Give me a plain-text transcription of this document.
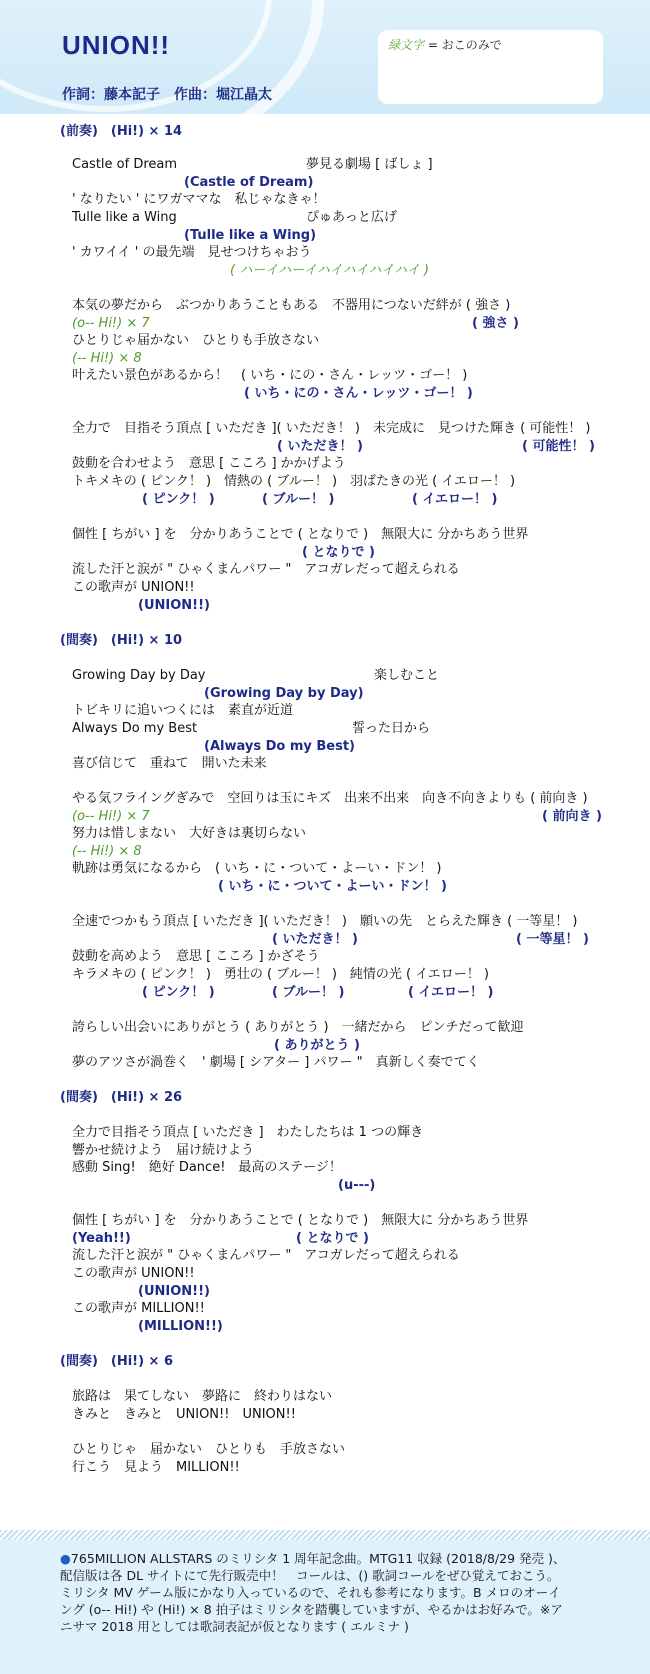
UNION!!
作詞：藤本記子　作曲：堀江晶太
緑文字 = おこのみで
(前奏)　(Hi!) × 14
Castle of Dream	夢見る劇場 [ ばしょ ]
(Castle of Dream)
' なりたい ' にワガママな　私じゃなきゃ！
Tulle like a Wing	ぴゅあっと広げ
(Tulle like a Wing)
' カワイイ ' の最先端　見せつけちゃおう
( ハーイハーイハイハイハイハイ )
本気の夢だから　ぶつかりあうこともある　不器用につないだ絆が ( 強さ )
(o-- Hi!) × 7	( 強さ )
ひとりじゃ届かない　ひとりも手放さない
(-- Hi!) × 8
叶えたい景色があるから！　( いち・にの・さん・レッツ・ゴー！ )
( いち・にの・さん・レッツ・ゴー！ )
全力で　目指そう頂点 [ いただき ]( いただき！ )　未完成に　見つけた輝き ( 可能性！ )
( いただき！ )	( 可能性！ )
鼓動を合わせよう　意思 [ こころ ] かかげよう
トキメキの ( ピンク！ )　情熱の ( ブルー！ )　羽ばたきの光 ( イエロー！ )
( ピンク！ )	( ブルー！ )	( イエロー！ )
個性 [ ちがい ] を　分かりあうことで ( となりで )　無限大に 分かちあう世界
( となりで )
流した汗と涙が " ひゃくまんパワー "　アコガレだって超えられる
この歌声が UNION!!
(UNION!!)
(間奏)　(Hi!) × 10
Growing Day by Day	楽しむこと
(Growing Day by Day)
トビキリに追いつくには　素直が近道
Always Do my Best	誓った日から
(Always Do my Best)
喜び信じて　重ねて　開いた未来
やる気フライングぎみで　空回りは玉にキズ　出来不出来　向き不向きよりも ( 前向き )
(o-- Hi!) × 7	( 前向き )
努力は惜しまない　大好きは裏切らない
(-- Hi!) × 8
軌跡は勇気になるから　( いち・に・ついて・よーい・ドン！ )
( いち・に・ついて・よーい・ドン！ )
全速でつかもう頂点 [ いただき ]( いただき！ )　願いの先　とらえた輝き ( 一等星！ )
( いただき！ )	( 一等星！ )
鼓動を高めよう　意思 [ こころ ] かざそう
キラメキの ( ピンク！ )　勇壮の ( ブルー！ )　純情の光 ( イエロー！ )
( ピンク！ )	( ブルー！ )	( イエロー！ )
誇らしい出会いにありがとう ( ありがとう )　一緒だから　ピンチだって歓迎
( ありがとう )
夢のアツさが渦巻く　' 劇場 [ シアター ] パワー "　真新しく奏でてく
(間奏)　(Hi!) × 26
全力で目指そう頂点 [ いただき ]　わたしたちは 1 つの輝き
響かせ続けよう　届け続けよう
感動 Sing!　絶好 Dance!　最高のステージ！
(u---)
個性 [ ちがい ] を　分かりあうことで ( となりで )　無限大に 分かちあう世界
(Yeah!!)	( となりで )
流した汗と涙が " ひゃくまんパワー "　アコガレだって超えられる
この歌声が UNION!!
(UNION!!)
この歌声が MILLION!!
(MILLION!!)
(間奏)　(Hi!) × 6
旅路は　果てしない　夢路に　終わりはない
きみと　きみと　UNION!!　UNION!!
ひとりじゃ　届かない　ひとりも　手放さない
行こう　見よう　MILLION!!
●765MILLION ALLSTARS のミリシタ 1 周年記念曲。MTG11 収録 (2018/8/29 発売 )、
配信版は各 DL サイトにて先行販売中！　コールは、() 歌詞コールをぜひ覚えておこう。
ミリシタ MV ゲーム版にかなり入っているので、それも参考になります。B メロのオーイ
ング (o-- Hi!) や (Hi!) × 8 拍子はミリシタを踏襲していますが、やるかはお好みで。※ア
ニサマ 2018 用としては歌詞表記が仮となります ( エルミナ )
